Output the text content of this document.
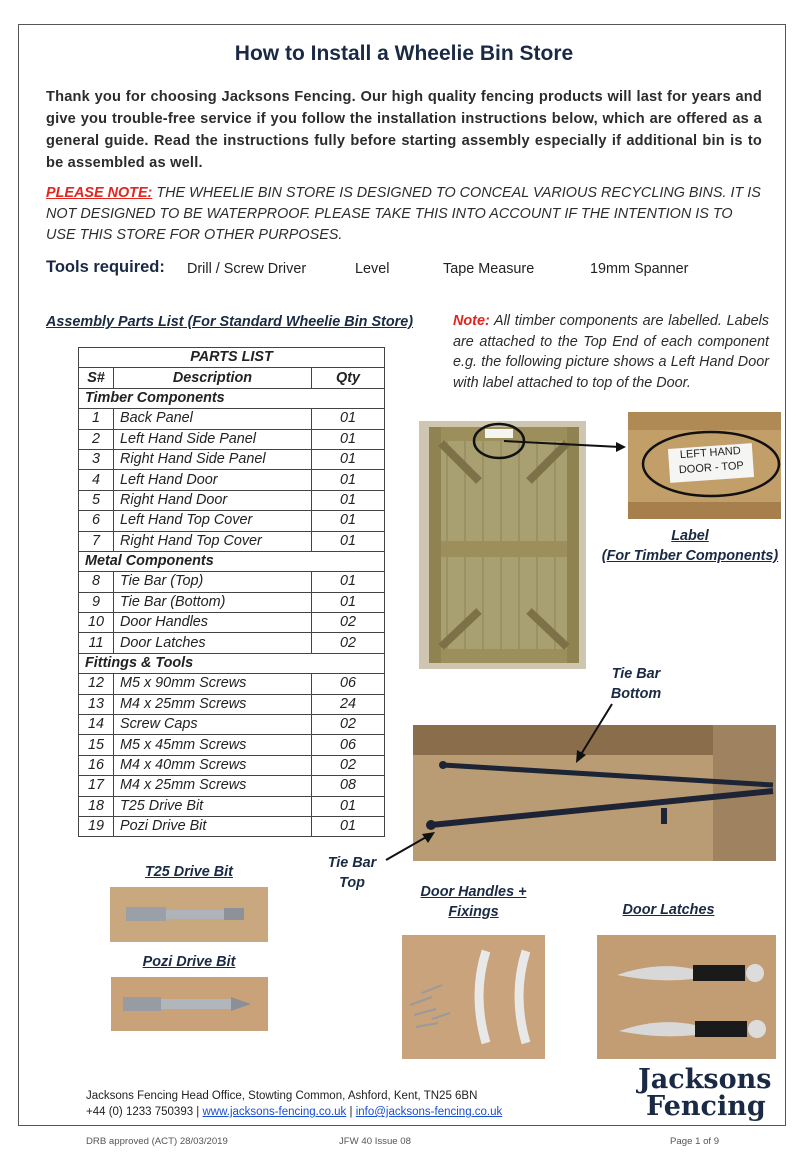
How to Install a Wheelie Bin Store
Thank you for choosing Jacksons Fencing. Our high quality fencing products will last for years and give you trouble-free service if you follow the installation instructions below, which are offered as a general guide. Read the instructions fully before starting assembly especially if additional bin is to be assembled as well.
PLEASE NOTE: THE WHEELIE BIN STORE IS DESIGNED TO CONCEAL VARIOUS RECYCLING BINS. IT IS NOT DESIGNED TO BE WATERPROOF. PLEASE TAKE THIS INTO ACCOUNT IF THE INTENTION IS TO USE THIS STORE FOR OTHER PURPOSES.
Tools required: Drill / Screw Driver	Level	Tape Measure	19mm Spanner
Assembly Parts List (For Standard Wheelie Bin Store)	Note: All timber components are labelled. Labels are attached to the Top End of each component e.g. the following picture shows a Left Hand Door with label attached to top of the Door.
PARTS LIST		
S#	Description	Qty
Timber Components		
1	Back Panel	01
2	Left Hand Side Panel	01
3	Right Hand Side Panel	01
4	Left Hand Door	01
5	Right Hand Door	01
6	Left Hand Top Cover	01
7	Right Hand Top Cover	01
Metal Components		
8	Tie Bar (Top)	01
9	Tie Bar (Bottom)	01
10	Door Handles	02
11	Door Latches	02
Fittings & Tools		
12	M5 x 90mm Screws	06
13	M4 x 25mm Screws	24
14	Screw Caps	02
15	M5 x 45mm Screws	06
16	M4 x 40mm Screws	02
17	M4 x 25mm Screws	08
18	T25 Drive Bit	01
19	Pozi Drive Bit	01
LEFT HAND
DOOR - TOP
Label
(For Timber Components)
Tie Bar
Bottom
Tie Bar
Top
T25 Drive Bit
Pozi Drive Bit
Door Handles +
Fixings	Door Latches
Jacksons Fencing Head Office, Stowting Common, Ashford, Kent, TN25 6BN
+44 (0) 1233 750393 | www.jacksons-fencing.co.uk | info@jacksons-fencing.co.uk
Jacksons
Fencing
DRB approved (ACT) 28/03/2019	JFW 40 Issue 08	Page 1 of 9
